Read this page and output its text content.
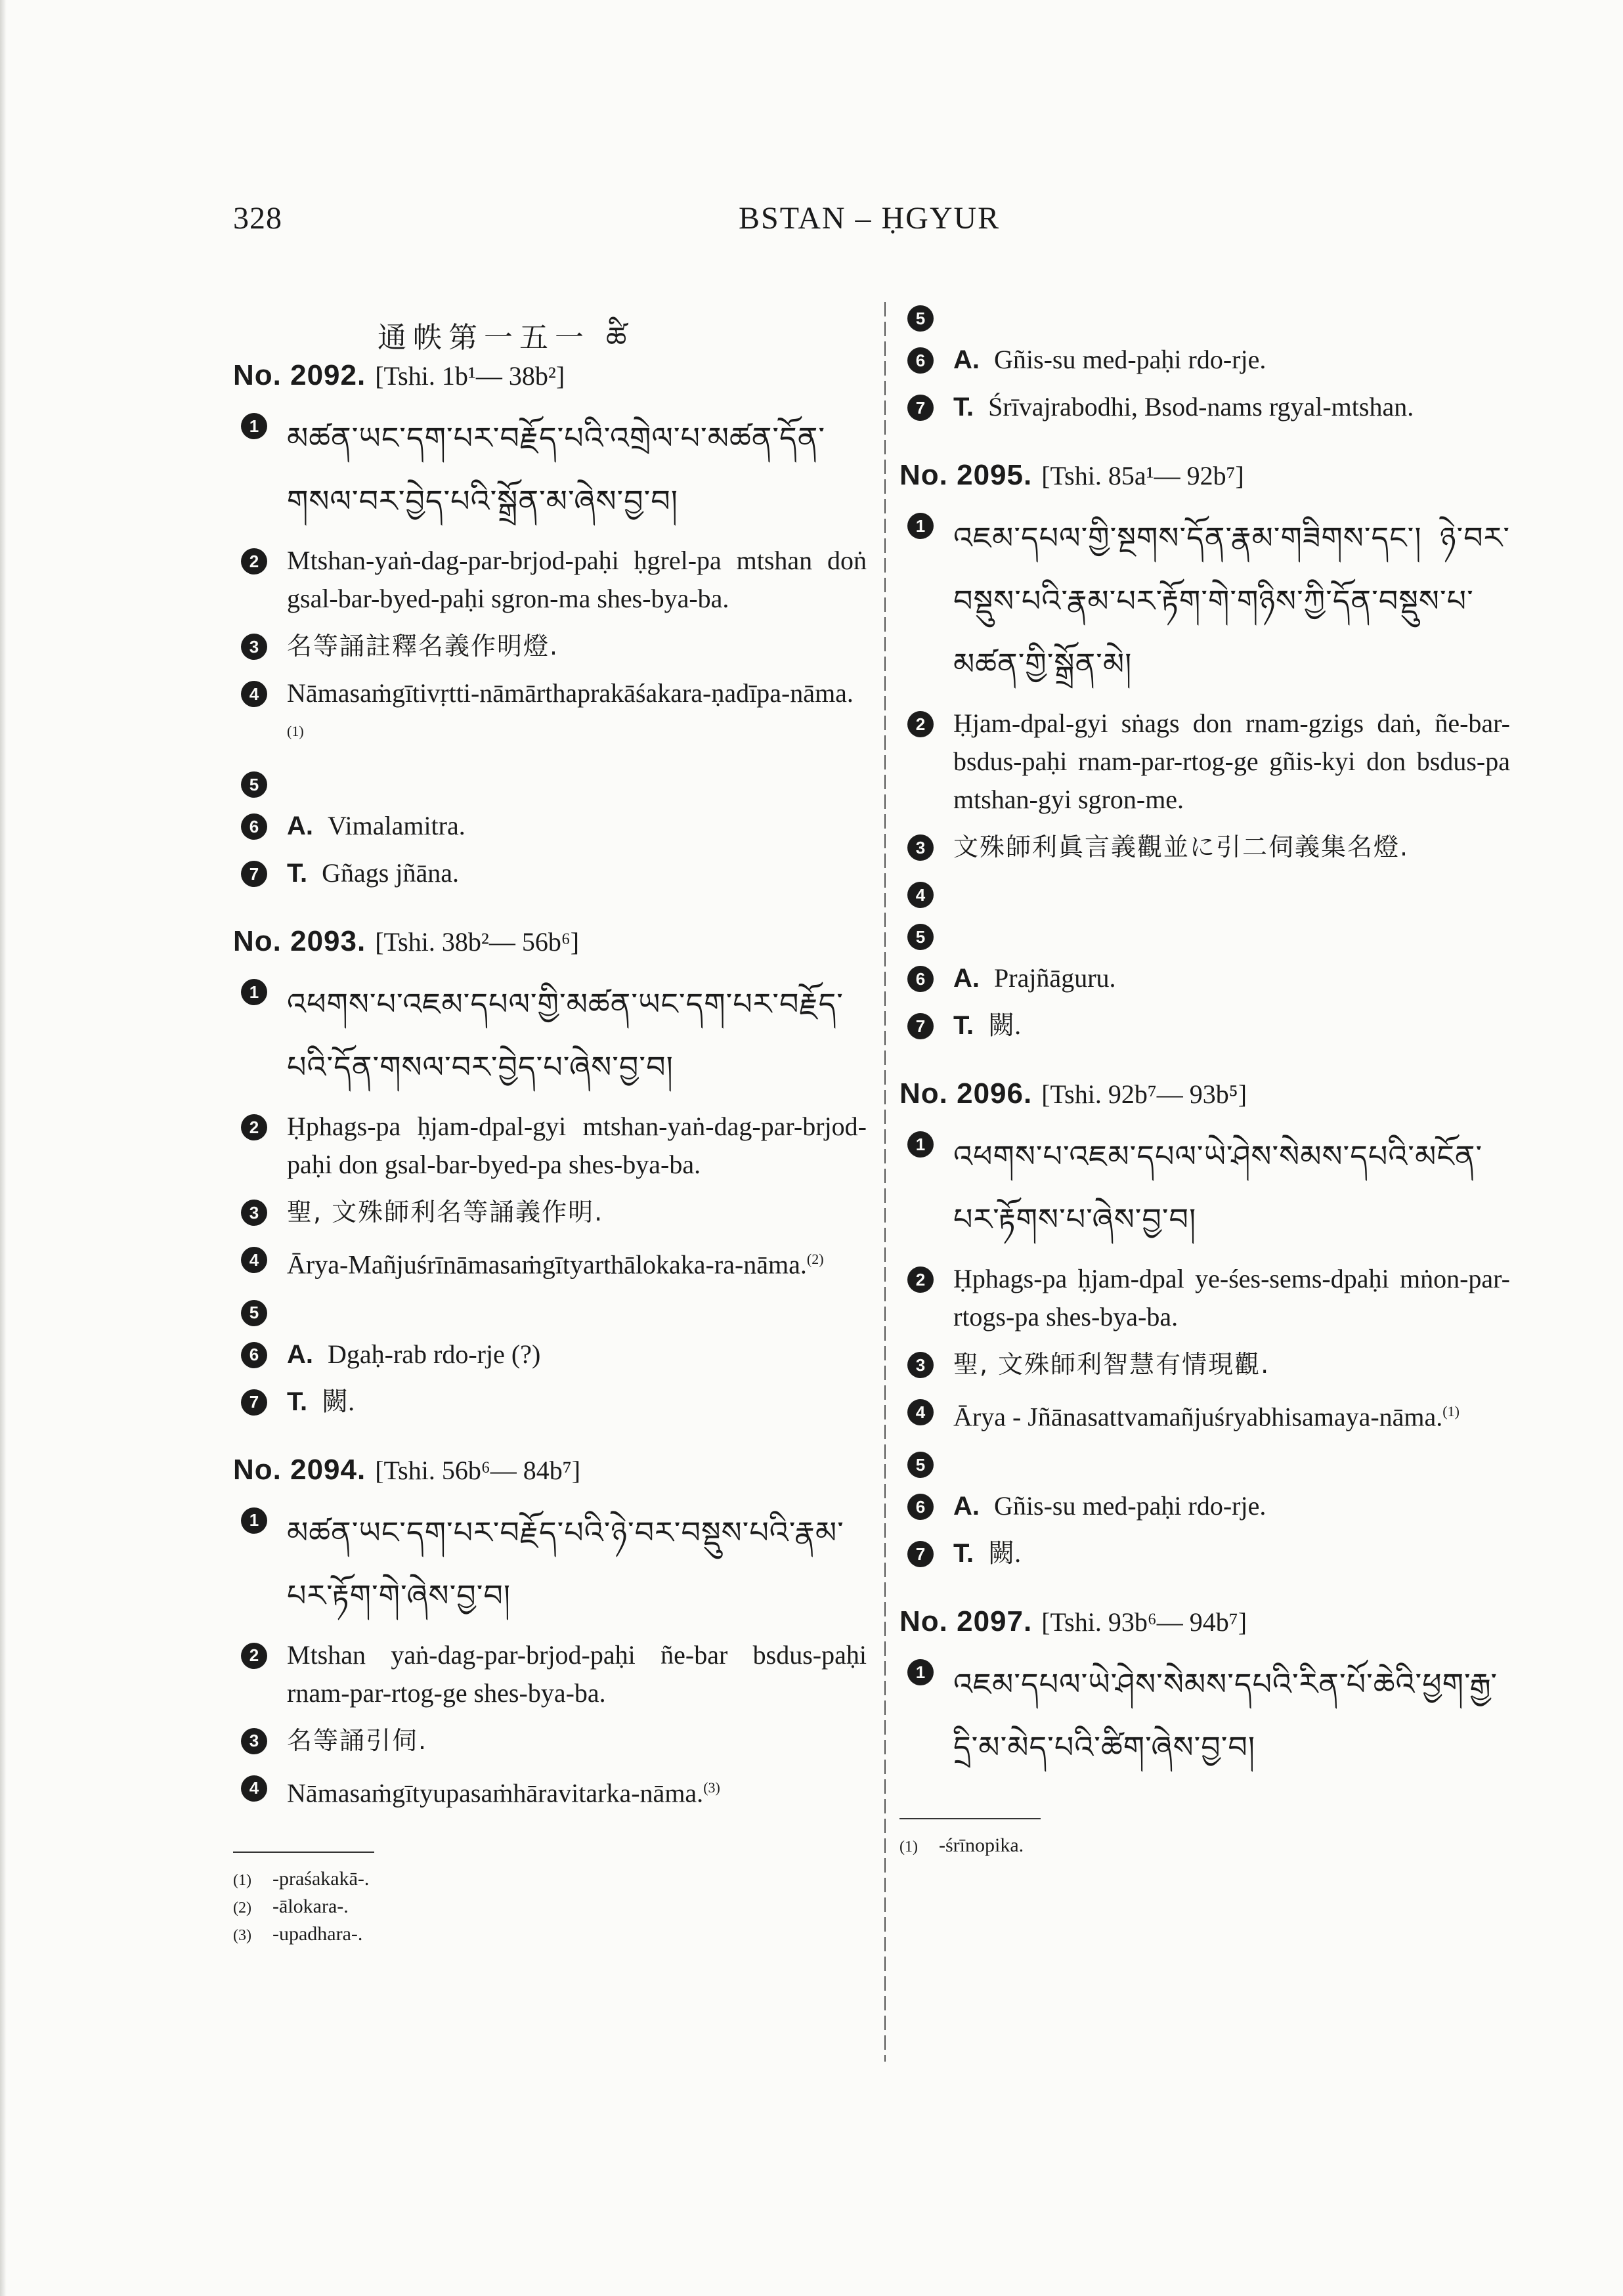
328	BSTAN – ḤGYUR
通帙第一五一 ཚི
No. 2092. [Tshi. 1b¹— 38b²]
1 མཚན་ཡང་དག་པར་བརྗོད་པའི་འགྲེལ་པ་མཚན་དོན་གསལ་བར་བྱེད་པའི་སྒྲོན་མ་ཞེས་བྱ་བ།
2	Mtshan-yaṅ-dag-par-brjod-paḥi ḥgrel-pa mtshan doṅ gsal-bar-byed-paḥi sgron-ma shes-bya-ba.
3	名等誦註釋名義作明燈.
4	Nāmasaṁgītivṛtti-nāmārthaprakāśakara-ṇadīpa-nāma.$^{(1)}$
5
6	A. Vimalamitra.
7	T. Gñags jñāna.
No. 2093. [Tshi. 38b²— 56b⁶]
1 འཕགས་པ་འཇམ་དཔལ་གྱི་མཚན་ཡང་དག་པར་བརྗོད་པའི་དོན་གསལ་བར་བྱེད་པ་ཞེས་བྱ་བ།
2	Ḥphags-pa ḥjam-dpal-gyi mtshan-yaṅ-dag-par-brjod-paḥi don gsal-bar-byed-pa shes-bya-ba.
3	聖, 文殊師利名等誦義作明.
4	Ārya-Mañjuśrīnāmasaṁgītyarthālokaka-ra-nāma.$^{(2)}$
5
6	A. Dgaḥ-rab rdo-rje (?)
7	T. 闕.
No. 2094. [Tshi. 56b⁶— 84b⁷]
1 མཚན་ཡང་དག་པར་བརྗོད་པའི་ཉེ་བར་བསྡུས་པའི་རྣམ་པར་རྟོག་གེ་ཞེས་བྱ་བ།
2	Mtshan yaṅ-dag-par-brjod-paḥi ñe-bar bsdus-paḥi rnam-par-rtog-ge shes-bya-ba.
3	名等誦引伺.
4	Nāmasaṁgītyupasaṁhāravitarka-nāma.$^{(3)}$
(1) -praśakakā-.
(2) -ālokara-.
(3) -upadhara-.
5
6	A. Gñis-su med-paḥi rdo-rje.
7	T. Śrīvajrabodhi, Bsod-nams rgyal-mtshan.
No. 2095. [Tshi. 85a¹— 92b⁷]
1 འཇམ་དཔལ་གྱི་སྔགས་དོན་རྣམ་གཟིགས་དང་། ཉེ་བར་བསྡུས་པའི་རྣམ་པར་རྟོག་གེ་གཉིས་ཀྱི་དོན་བསྡུས་པ་མཚན་གྱི་སྒྲོན་མེ།
2	Ḥjam-dpal-gyi sṅags don rnam-gzigs daṅ, ñe-bar-bsdus-paḥi rnam-par-rtog-ge gñis-kyi don bsdus-pa mtshan-gyi sgron-me.
3	文殊師利眞言義觀並に引二伺義集名燈.
4
5
6	A. Prajñāguru.
7	T. 闕.
No. 2096. [Tshi. 92b⁷— 93b⁵]
1 འཕགས་པ་འཇམ་དཔལ་ཡེ་ཤེས་སེམས་དཔའི་མངོན་པར་རྟོགས་པ་ཞེས་བྱ་བ།
2	Ḥphags-pa ḥjam-dpal ye-śes-sems-dpaḥi mṅon-par-rtogs-pa shes-bya-ba.
3	聖, 文殊師利智慧有情現觀.
4	Ārya - Jñānasattvamañjuśryabhisamaya-nāma.$^{(1)}$
5
6	A. Gñis-su med-paḥi rdo-rje.
7	T. 闕.
No. 2097. [Tshi. 93b⁶— 94b⁷]
1 འཇམ་དཔལ་ཡེ་ཤེས་སེམས་དཔའི་རིན་པོ་ཆེའི་ཕྱག་རྒྱ་དྲི་མ་མེད་པའི་ཚིག་ཞེས་བྱ་བ།
(1) -śrīnopika.
